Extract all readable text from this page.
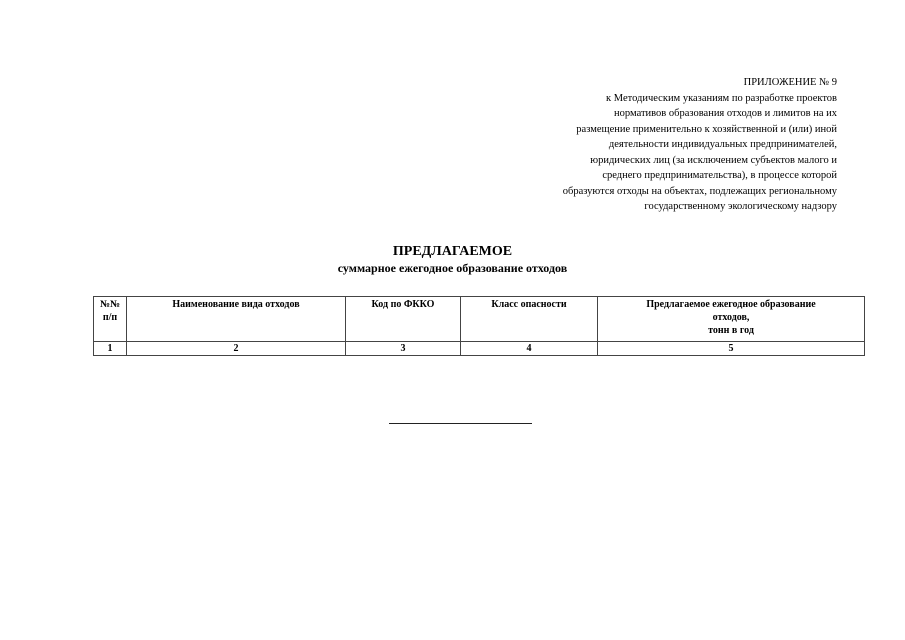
ПРИЛОЖЕНИЕ № 9
к Методическим указаниям по разработке проектов
нормативов образования отходов и лимитов на их
размещение применительно к хозяйственной и (или) иной
деятельности индивидуальных предпринимателей,
юридических лиц (за исключением субъектов малого и
среднего предпринимательства), в процессе которой
образуются отходы на объектах, подлежащих региональному
государственному экологическому надзору
ПРЕДЛАГАЕМОЕ
суммарное ежегодное образование отходов
№№
п/п	Наименование вида отходов	Код по ФККО	Класс опасности	Предлагаемое ежегодное образование
отходов,
тонн в год
1	2	3	4	5
